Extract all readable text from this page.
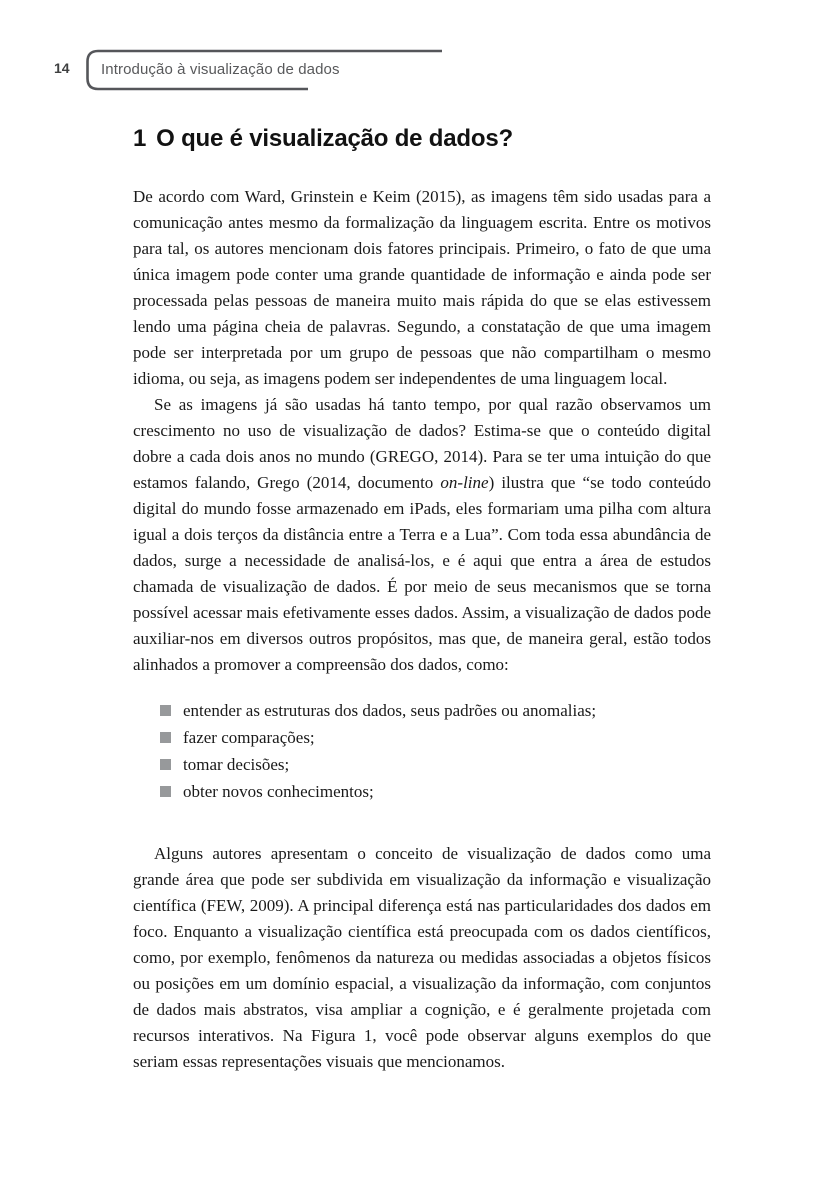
14 Introdução à visualização de dados
1 O que é visualização de dados?

De acordo com Ward, Grinstein e Keim (2015), as imagens têm sido usadas para a comunicação antes mesmo da formalização da linguagem escrita. Entre os motivos para tal, os autores mencionam dois fatores principais. Primeiro, o fato de que uma única imagem pode conter uma grande quantidade de informação e ainda pode ser processada pelas pessoas de maneira muito mais rápida do que se elas estivessem lendo uma página cheia de palavras. Segundo, a constatação de que uma imagem pode ser interpretada por um grupo de pessoas que não compartilham o mesmo idioma, ou seja, as imagens podem ser independentes de uma linguagem local.

Se as imagens já são usadas há tanto tempo, por qual razão observamos um crescimento no uso de visualização de dados? Estima-se que o conteúdo digital dobre a cada dois anos no mundo (GREGO, 2014). Para se ter uma intuição do que estamos falando, Grego (2014, documento on-line) ilustra que “se todo conteúdo digital do mundo fosse armazenado em iPads, eles formariam uma pilha com altura igual a dois terços da distância entre a Terra e a Lua”. Com toda essa abundância de dados, surge a necessidade de analisá-los, e é aqui que entra a área de estudos chamada de visualização de dados. É por meio de seus mecanismos que se torna possível acessar mais efetivamente esses dados. Assim, a visualização de dados pode auxiliar-nos em diversos outros propósitos, mas que, de maneira geral, estão todos alinhados a promover a compreensão dos dados, como:

entender as estruturas dos dados, seus padrões ou anomalias;
fazer comparações;
tomar decisões;
obter novos conhecimentos;

Alguns autores apresentam o conceito de visualização de dados como uma grande área que pode ser subdivida em visualização da informação e visualização científica (FEW, 2009). A principal diferença está nas particularidades dos dados em foco. Enquanto a visualização científica está preocupada com os dados científicos, como, por exemplo, fenômenos da natureza ou medidas associadas a objetos físicos ou posições em um domínio espacial, a visualização da informação, com conjuntos de dados mais abstratos, visa ampliar a cognição, e é geralmente projetada com recursos interativos. Na Figura 1, você pode observar alguns exemplos do que seriam essas representações visuais que mencionamos.
